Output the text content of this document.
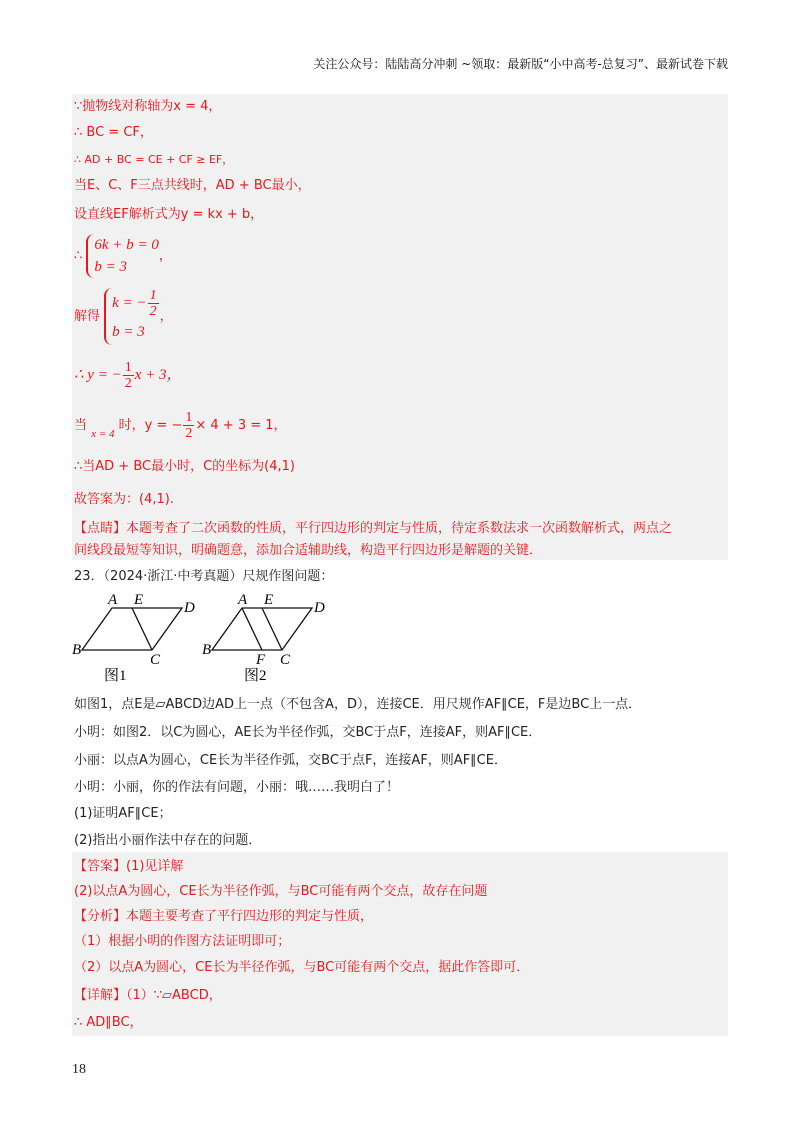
关注公众号：陆陆高分冲刺 ~领取：最新版“小中高考-总复习”、最新试卷下载
∵抛物线对称轴为x = 4，
∴ BC = CF，
∴ AD + BC = CE + CF ≥ EF，
当E、C、F三点共线时，AD + BC最小，
设直线EF解析式为y = kx + b，
∴
6k + b = 0
b = 3
，
解得
k = − $\frac{1}{2}$
b = 3
，
∴ y = − $\frac{1}{2}$ x + 3，
当 $_{x = 4}$ 时，y = − $\frac{1}{2} \times 4 + 3 = 1$，
∴当AD + BC最小时，C的坐标为(4,1)
故答案为：(4,1).
【点睛】本题考查了二次函数的性质，平行四边形的判定与性质，待定系数法求一次函数解析式，两点之
间线段最短等知识，明确题意，添加合适辅助线，构造平行四边形是解题的关键．
23．（2024·浙江·中考真题）尺规作图问题：
A E	D
B
C
图1
A E	D
B
F C
图2
如图1，点E是▱ABCD边AD上一点（不包含A，D），连接CE．用尺规作AF∥CE，F是边BC上一点．
小明：如图2．以C为圆心，AE长为半径作弧，交BC于点F，连接AF，则AF∥CE．
小丽：以点A为圆心，CE长为半径作弧，交BC于点F，连接AF，则AF∥CE．
小明：小丽，你的作法有问题，小丽：哦……我明白了！
(1)证明AF∥CE；
(2)指出小丽作法中存在的问题．
【答案】(1)见详解
(2)以点A为圆心，CE长为半径作弧，与BC可能有两个交点，故存在问题
【分析】本题主要考查了平行四边形的判定与性质，
（1）根据小明的作图方法证明即可；
（2）以点A为圆心，CE长为半径作弧，与BC可能有两个交点，据此作答即可．
【详解】（1）∵▱ABCD，
∴ AD∥BC，
18
